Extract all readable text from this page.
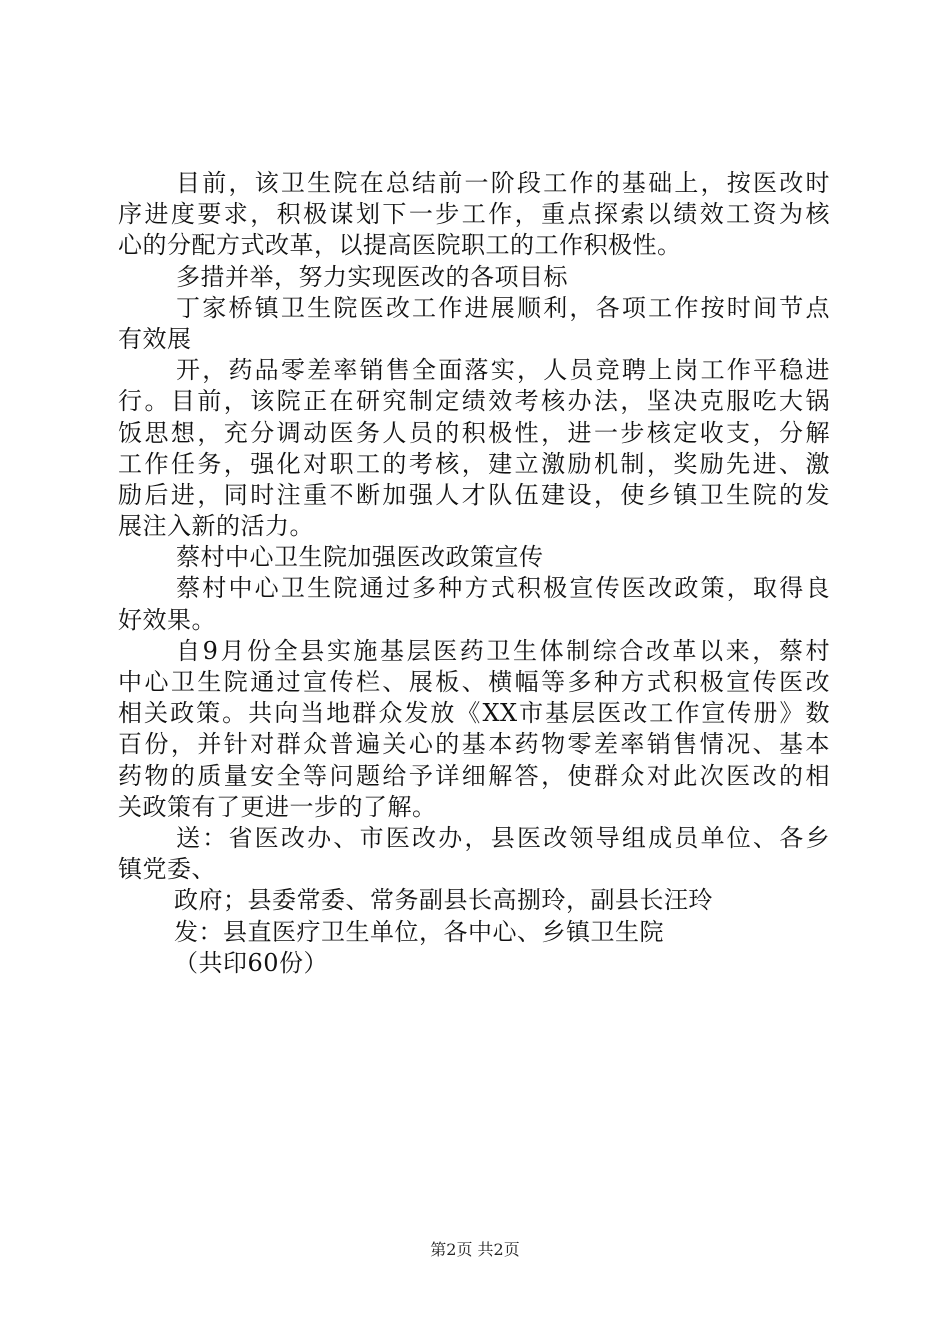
目前，该卫生院在总结前一阶段工作的基础上，按医改时
序进度要求，积极谋划下一步工作，重点探索以绩效工资为核
心的分配方式改革，以提高医院职工的工作积极性。
多措并举，努力实现医改的各项目标
丁家桥镇卫生院医改工作进展顺利，各项工作按时间节点
有效展
开，药品零差率销售全面落实，人员竞聘上岗工作平稳进
行。目前，该院正在研究制定绩效考核办法，坚决克服吃大锅
饭思想，充分调动医务人员的积极性，进一步核定收支，分解
工作任务，强化对职工的考核，建立激励机制，奖励先进、激
励后进，同时注重不断加强人才队伍建设，使乡镇卫生院的发
展注入新的活力。
蔡村中心卫生院加强医改政策宣传
蔡村中心卫生院通过多种方式积极宣传医改政策，取得良
好效果。
自9月份全县实施基层医药卫生体制综合改革以来，蔡村
中心卫生院通过宣传栏、展板、横幅等多种方式积极宣传医改
相关政策。共向当地群众发放《XX市基层医改工作宣传册》数
百份，并针对群众普遍关心的基本药物零差率销售情况、基本
药物的质量安全等问题给予详细解答，使群众对此次医改的相
关政策有了更进一步的了解。
送：省医改办、市医改办，县医改领导组成员单位、各乡
镇党委、
政府；县委常委、常务副县长高捌玲，副县长汪玲
发：县直医疗卫生单位，各中心、乡镇卫生院
（共印60份）
第2页 共2页
